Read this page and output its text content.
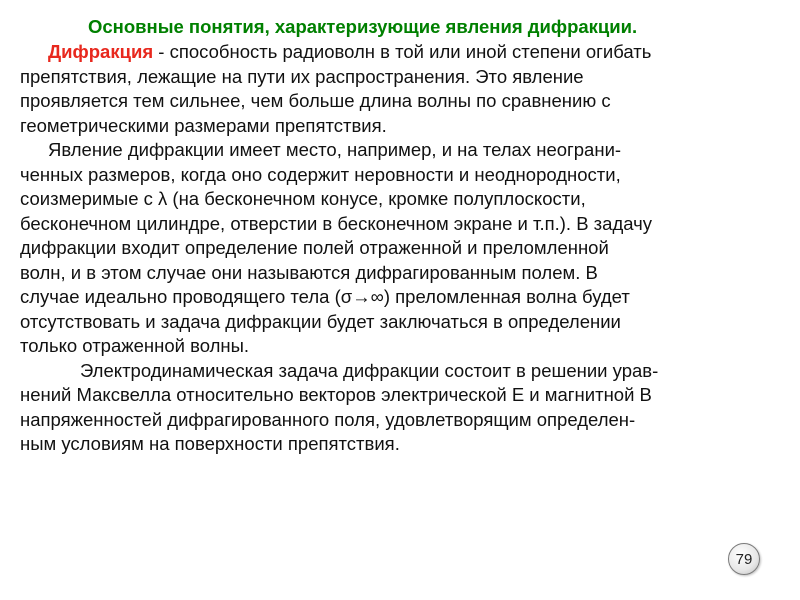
Основные понятия, характеризующие явления дифракции.
Дифракция - способность радиоволн в той или иной степени огибать
препятствия, лежащие на пути их распространения. Это явление
проявляется тем сильнее, чем больше длина волны по сравнению с
геометрическими размерами препятствия.
Явление дифракции имеет место, например, и на телах неограни-
ченных размеров, когда оно содержит неровности и неоднородности,
соизмеримые с λ (на бесконечном конусе, кромке полуплоскости,
бесконечном цилиндре, отверстии в бесконечном экране и т.п.). В задачу
дифракции входит определение полей отраженной и преломленной
волн, и в этом случае они называются дифрагированным полем. В
случае идеально проводящего тела (σ→∞) преломленная волна будет
отсутствовать и задача дифракции будет заключаться в определении
только отраженной волны.
Электродинамическая задача дифракции состоит в решении урав-
нений Максвелла относительно векторов электрической E и магнитной B
напряженностей дифрагированного поля, удовлетворящим определен-
ным условиям на поверхности препятствия.
79
